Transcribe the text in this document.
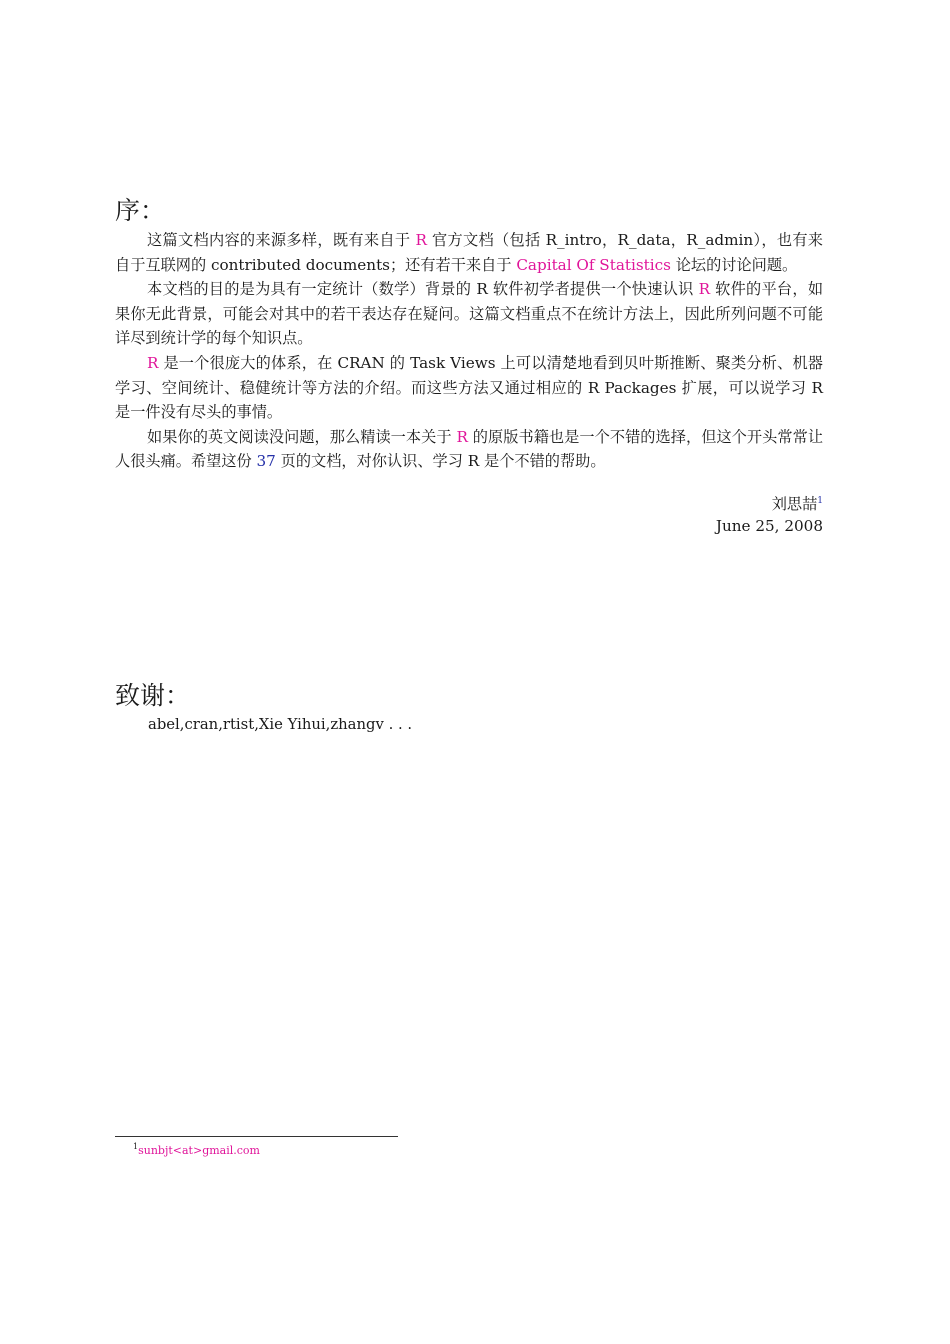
序：

这篇文档内容的来源多样，既有来自于 R 官方文档（包括 R_intro，R_data，R_admin），也有来自于互联网的 contributed documents；还有若干来自于 Capital Of Statistics 论坛的讨论问题。

本文档的目的是为具有一定统计（数学）背景的 R 软件初学者提供一个快速认识 R 软件的平台，如果你无此背景，可能会对其中的若干表达存在疑问。这篇文档重点不在统计方法上，因此所列问题不可能详尽到统计学的每个知识点。

R 是一个很庞大的体系，在 CRAN 的 Task Views 上可以清楚地看到贝叶斯推断、聚类分析、机器学习、空间统计、稳健统计等方法的介绍。而这些方法又通过相应的 R Packages 扩展，可以说学习 R 是一件没有尽头的事情。

如果你的英文阅读没问题，那么精读一本关于 R 的原版书籍也是一个不错的选择，但这个开头常常让人很头痛。希望这份 37 页的文档，对你认识、学习 R 是个不错的帮助。

刘思喆$^1$
June 25, 2008
致谢：

abel,cran,rtist,Xie Yihui,zhangv . . .

$^1$sunbjt<at>gmail.com
